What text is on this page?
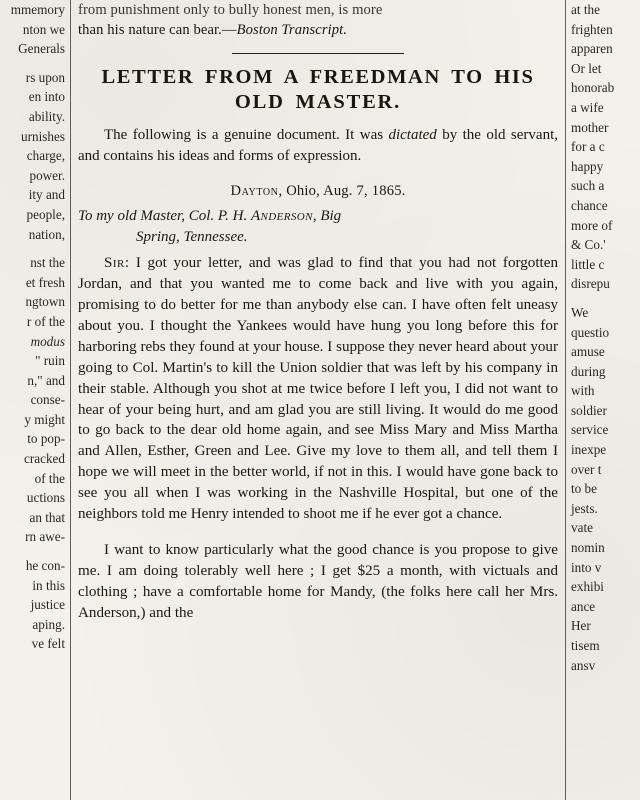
mmemory
nton we
Generals
rs upon
en into
ability.
urnishes
charge,
power.
ity and
people,
nation,
nst the
et fresh
ngtown
r of the
modus
" ruin
n," and
conse-
y might
to pop-
cracked
of the
uctions
an that
rn awe-
he con-
in this
justice
aping.
ve felt
from punishment only to bully honest men, is more
than his nature can bear.—Boston Transcript.
LETTER FROM A FREEDMAN TO HIS
OLD MASTER.

The following is a genuine document. It was dictated by the old servant, and contains his ideas and forms of expression.

Dayton, Ohio, Aug. 7, 1865.
To my old Master, Col. P. H. Anderson, Big
Spring, Tennessee.

Sir: I got your letter, and was glad to find that you had not forgotten Jordan, and that you wanted me to come back and live with you again, promising to do better for me than anybody else can. I have often felt uneasy about you. I thought the Yankees would have hung you long before this for harboring rebs they found at your house. I suppose they never heard about your going to Col. Martin's to kill the Union soldier that was left by his company in their stable. Although you shot at me twice before I left you, I did not want to hear of your being hurt, and am glad you are still living. It would do me good to go back to the dear old home again, and see Miss Mary and Miss Martha and Allen, Esther, Green and Lee. Give my love to them all, and tell them I hope we will meet in the better world, if not in this. I would have gone back to see you all when I was working in the Nashville Hospital, but one of the neighbors told me Henry intended to shoot me if he ever got a chance.

I want to know particularly what the good chance is you propose to give me. I am doing tolerably well here ; I get $25 a month, with victuals and clothing ; have a comfortable home for Mandy, (the folks here call her Mrs. Anderson,) and the

at the
frighten
apparen
Or let
honorab
a wife
mother
for a c
happy
such a
chance
more of
& Co.'
little c
disrepu
We
questio
amuse
during
with
soldier
service
inexpe
over t
to be
jests.
vate
nomin
into v
exhibi
ance
Her
tisem
ansv
